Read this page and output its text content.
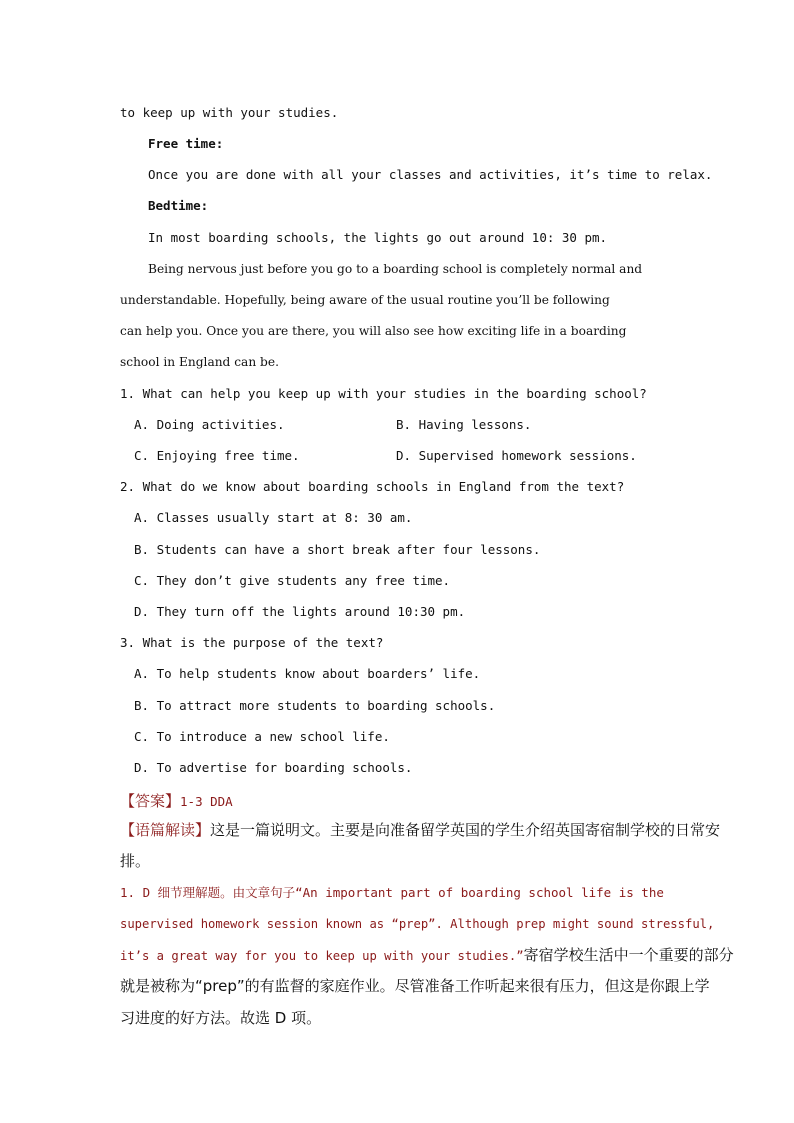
to keep up with your studies.
Free time:
Once you are done with all your classes and activities, it’s time to relax.
Bedtime:
In most boarding schools, the lights go out around 10: 30 pm.
Being nervous just before you go to a boarding school is completely normal and
understandable. Hopefully, being aware of the usual routine you’ll be following
can help you. Once you are there, you will also see how exciting life in a boarding
school in England can be.
1. What can help you keep up with your studies in the boarding school?
A. Doing activities.	B. Having lessons.
C. Enjoying free time.	D. Supervised homework sessions.
2. What do we know about boarding schools in England from the text?
A. Classes usually start at 8: 30 am.
B. Students can have a short break after four lessons.
C. They don’t give students any free time.
D. They turn off the lights around 10:30 pm.
3. What is the purpose of the text?
A. To help students know about boarders’ life.
B. To attract more students to boarding schools.
C. To introduce a new school life.
D. To advertise for boarding schools.
【答案】1-3 DDA
【语篇解读】这是一篇说明文。主要是向准备留学英国的学生介绍英国寄宿制学校的日常安
排。
1. D 细节理解题。由文章句子“An important part of boarding school life is the
supervised homework session known as “prep”. Although prep might sound stressful,
it’s a great way for you to keep up with your studies.”寄宿学校生活中一个重要的部分
就是被称为“prep”的有监督的家庭作业。尽管准备工作听起来很有压力，但这是你跟上学
习进度的好方法。故选 D 项。
